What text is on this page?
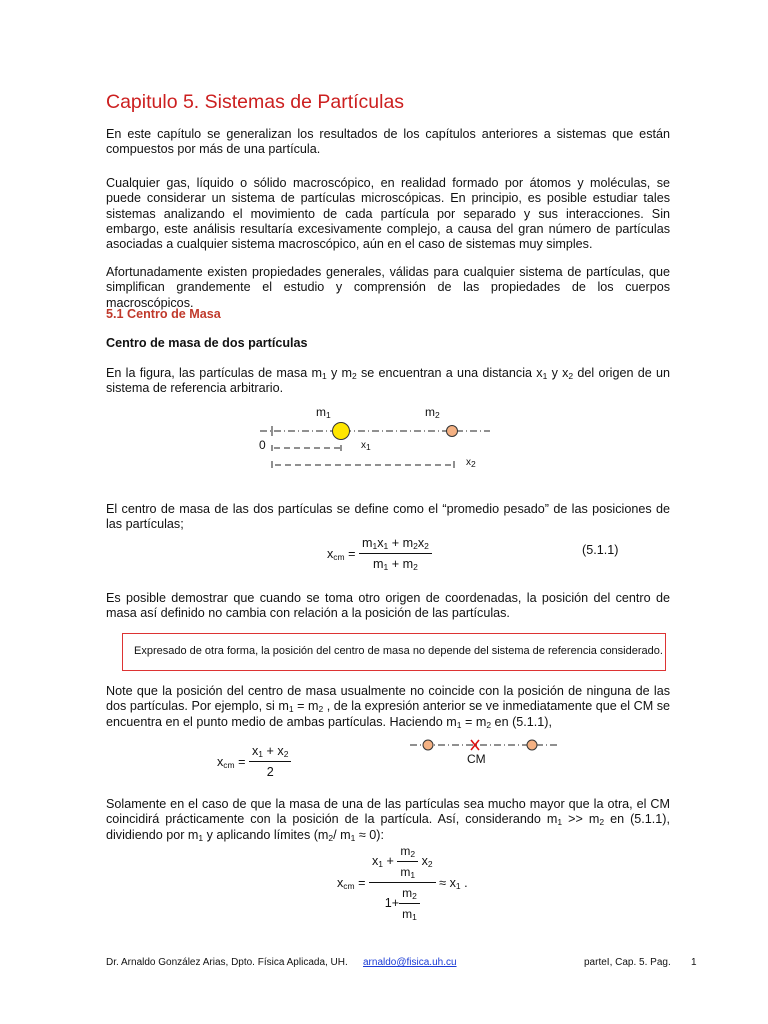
Capitulo 5. Sistemas de Partículas

En este capítulo se generalizan los resultados de los capítulos anteriores a sistemas que están compuestos por más de una partícula.

Cualquier gas, líquido o sólido macroscópico, en realidad formado por átomos y moléculas, se puede considerar un sistema de partículas microscópicas. En principio, es posible estudiar tales sistemas analizando el movimiento de cada partícula por separado y sus interacciones. Sin embargo, este análisis resultaría excesivamente complejo, a causa del gran número de partículas asociadas a cualquier sistema macroscópico, aún en el caso de sistemas muy simples.

Afortunadamente existen propiedades generales, válidas para cualquier sistema de partículas, que simplifican grandemente el estudio y comprensión de las propiedades de los cuerpos macroscópicos.

5.1 Centro de Masa
Centro de masa de dos partículas

En la figura, las partículas de masa $m_1$ y $m_2$ se encuentran a una distancia $x_1$ y $x_2$ del origen de un sistema de referencia arbitrario.

$m_1$	$m_2$
0	$x_1$
$x_2$

El centro de masa de las dos partículas se define como el “promedio pesado” de las posiciones de las partículas;

$x_{cm} = \frac{m_1x_1 + m_2x_2}{m_1 + m_2}$	(5.1.1)

Es posible demostrar que cuando se toma otro origen de coordenadas, la posición del centro de masa así definido no cambia con relación a la posición de las partículas.

Expresado de otra forma, la posición del centro de masa no depende del sistema de referencia considerado.

Note que la posición del centro de masa usualmente no coincide con la posición de ninguna de las dos partículas. Por ejemplo, si $m_1 = m_2$ , de la expresión anterior se ve inmediatamente que el CM se encuentra en el punto medio de ambas partículas. Haciendo $m_1 = m_2$ en (5.1.1),

$x_{cm} = \frac{x_1 + x_2}{2}$	CM

Solamente en el caso de que la masa de una de las partículas sea mucho mayor que la otra, el CM coincidirá prácticamente con la posición de la partícula. Así, considerando $m_1 >> m_2$ en (5.1.1), dividiendo por $m_1$ y aplicando límites ($m_2/$ $m_1 \approx 0$):

$x_{cm} = \frac{x_1 + \frac{m_2}{m_1} x_2}{1+ \frac{m_2}{m_1}} \approx x_1$ .
Dr. Arnaldo González Arias, Dpto. Física Aplicada, UH. arnaldo@fisica.uh.cu	parteI, Cap. 5. Pag. 1
